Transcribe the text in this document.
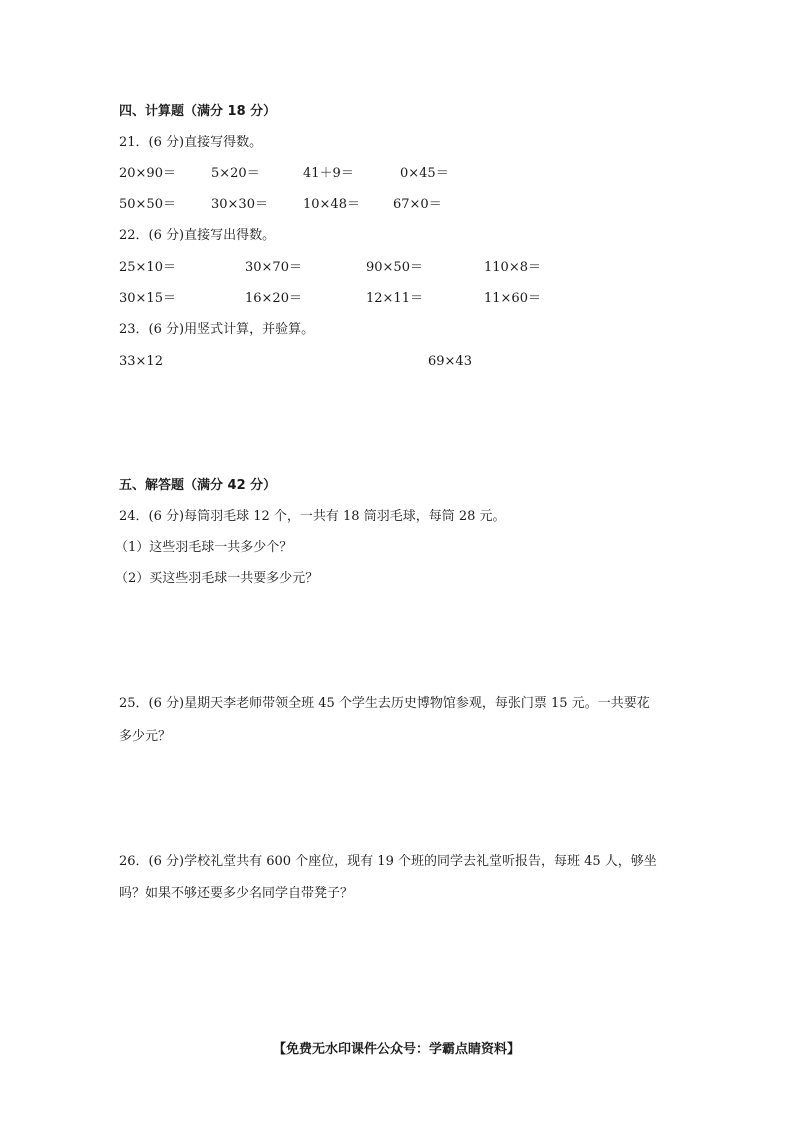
四、计算题（满分 18 分）
21．(6 分)直接写得数。
20×90＝	5×20＝	41＋9＝	0×45＝
50×50＝	30×30＝	10×48＝	67×0＝
22．(6 分)直接写出得数。
25×10＝	30×70＝	90×50＝	110×8＝
30×15＝	16×20＝	12×11＝	11×60＝
23．(6 分)用竖式计算，并验算。
33×12	69×43
五、解答题（满分 42 分）
24．(6 分)每筒羽毛球 12 个，一共有 18 筒羽毛球，每筒 28 元。
（1）这些羽毛球一共多少个？
（2）买这些羽毛球一共要多少元？
25．(6 分)星期天李老师带领全班 45 个学生去历史博物馆参观，每张门票 15 元。一共要花
多少元？
26．(6 分)学校礼堂共有 600 个座位，现有 19 个班的同学去礼堂听报告，每班 45 人，够坐
吗？如果不够还要多少名同学自带凳子？
【免费无水印课件公众号：学霸点睛资料】
